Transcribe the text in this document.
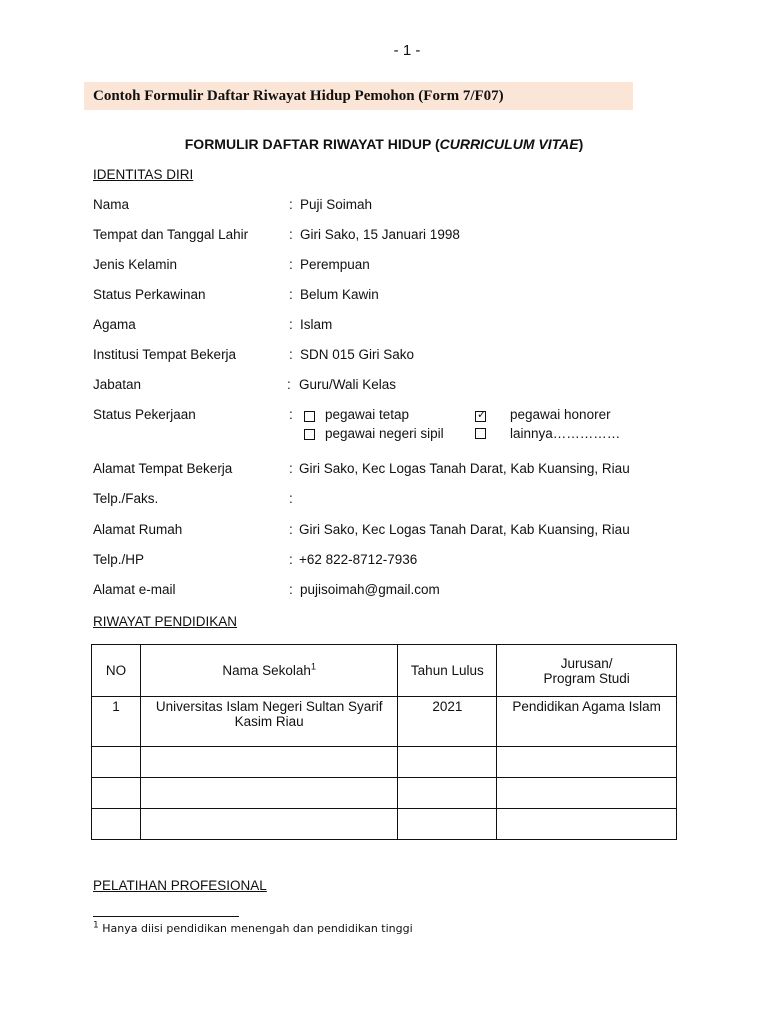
- 1 -
Contoh Formulir Daftar Riwayat Hidup Pemohon (Form 7/F07)
FORMULIR DAFTAR RIWAYAT HIDUP (CURRICULUM VITAE)
IDENTITAS DIRI
Nama	: Puji Soimah
Tempat dan Tanggal Lahir	: Giri Sako, 15 Januari 1998
Jenis Kelamin	: Perempuan
Status Perkawinan	: Belum Kawin
Agama	: Islam
Institusi Tempat Bekerja	: SDN 015 Giri Sako
Jabatan	: Guru/Wali Kelas
Status Pekerjaan	: pegawai tetap	✓ pegawai honorer
pegawai negeri sipil	lainnya……………
Alamat Tempat Bekerja	: Giri Sako, Kec Logas Tanah Darat, Kab Kuansing, Riau
Telp./Faks.	:
Alamat Rumah	: Giri Sako, Kec Logas Tanah Darat, Kab Kuansing, Riau
Telp./HP	: +62 822-8712-7936
Alamat e-mail	: pujisoimah@gmail.com
RIWAYAT PENDIDIKAN
NO	Nama Sekolah$^1$	Tahun Lulus	Jurusan/
Program Studi

1	Universitas Islam Negeri Sultan Syarif
Kasim Riau	2021	Pendidikan Agama Islam

PELATIHAN PROFESIONAL
$^1$ Hanya diisi pendidikan menengah dan pendidikan tinggi
